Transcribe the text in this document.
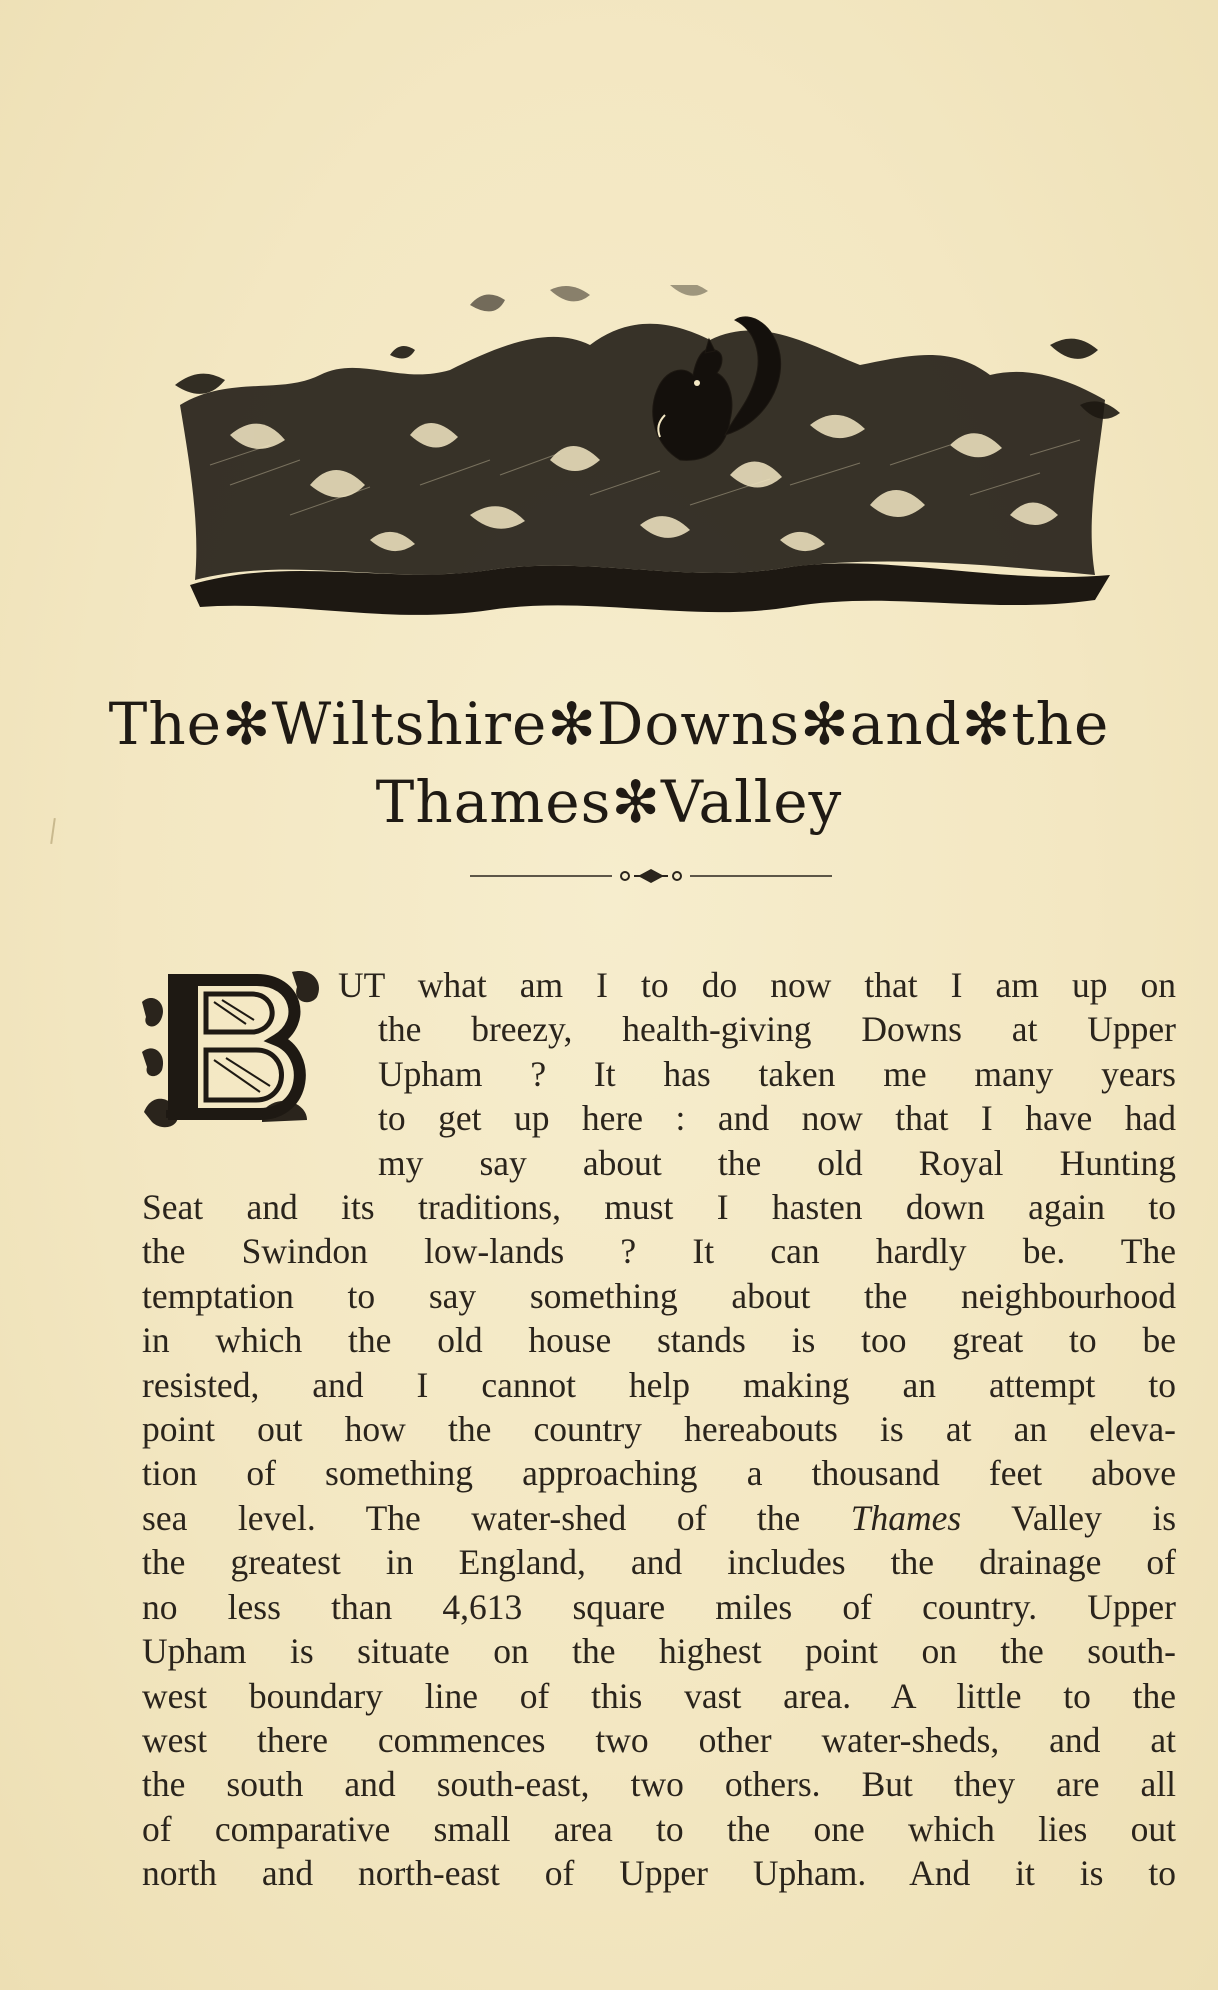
The✻Wiltshire✻Downs✻and✻the
Thames✻Valley
UT what am I to do now that I am up on
the breezy, health-giving Downs at Upper
Upham ? It has taken me many years
to get up here : and now that I have had
my say about the old Royal Hunting
Seat and its traditions, must I hasten down again to
the Swindon low-lands ? It can hardly be. The
temptation to say something about the neighbourhood
in which the old house stands is too great to be
resisted, and I cannot help making an attempt to
point out how the country hereabouts is at an eleva-
tion of something approaching a thousand feet above
sea level. The water-shed of the Thames Valley is
the greatest in England, and includes the drainage of
no less than 4,613 square miles of country. Upper
Upham is situate on the highest point on the south-
west boundary line of this vast area. A little to the
west there commences two other water-sheds, and at
the south and south-east, two others. But they are all
of comparative small area to the one which lies out
north and north-east of Upper Upham. And it is to
